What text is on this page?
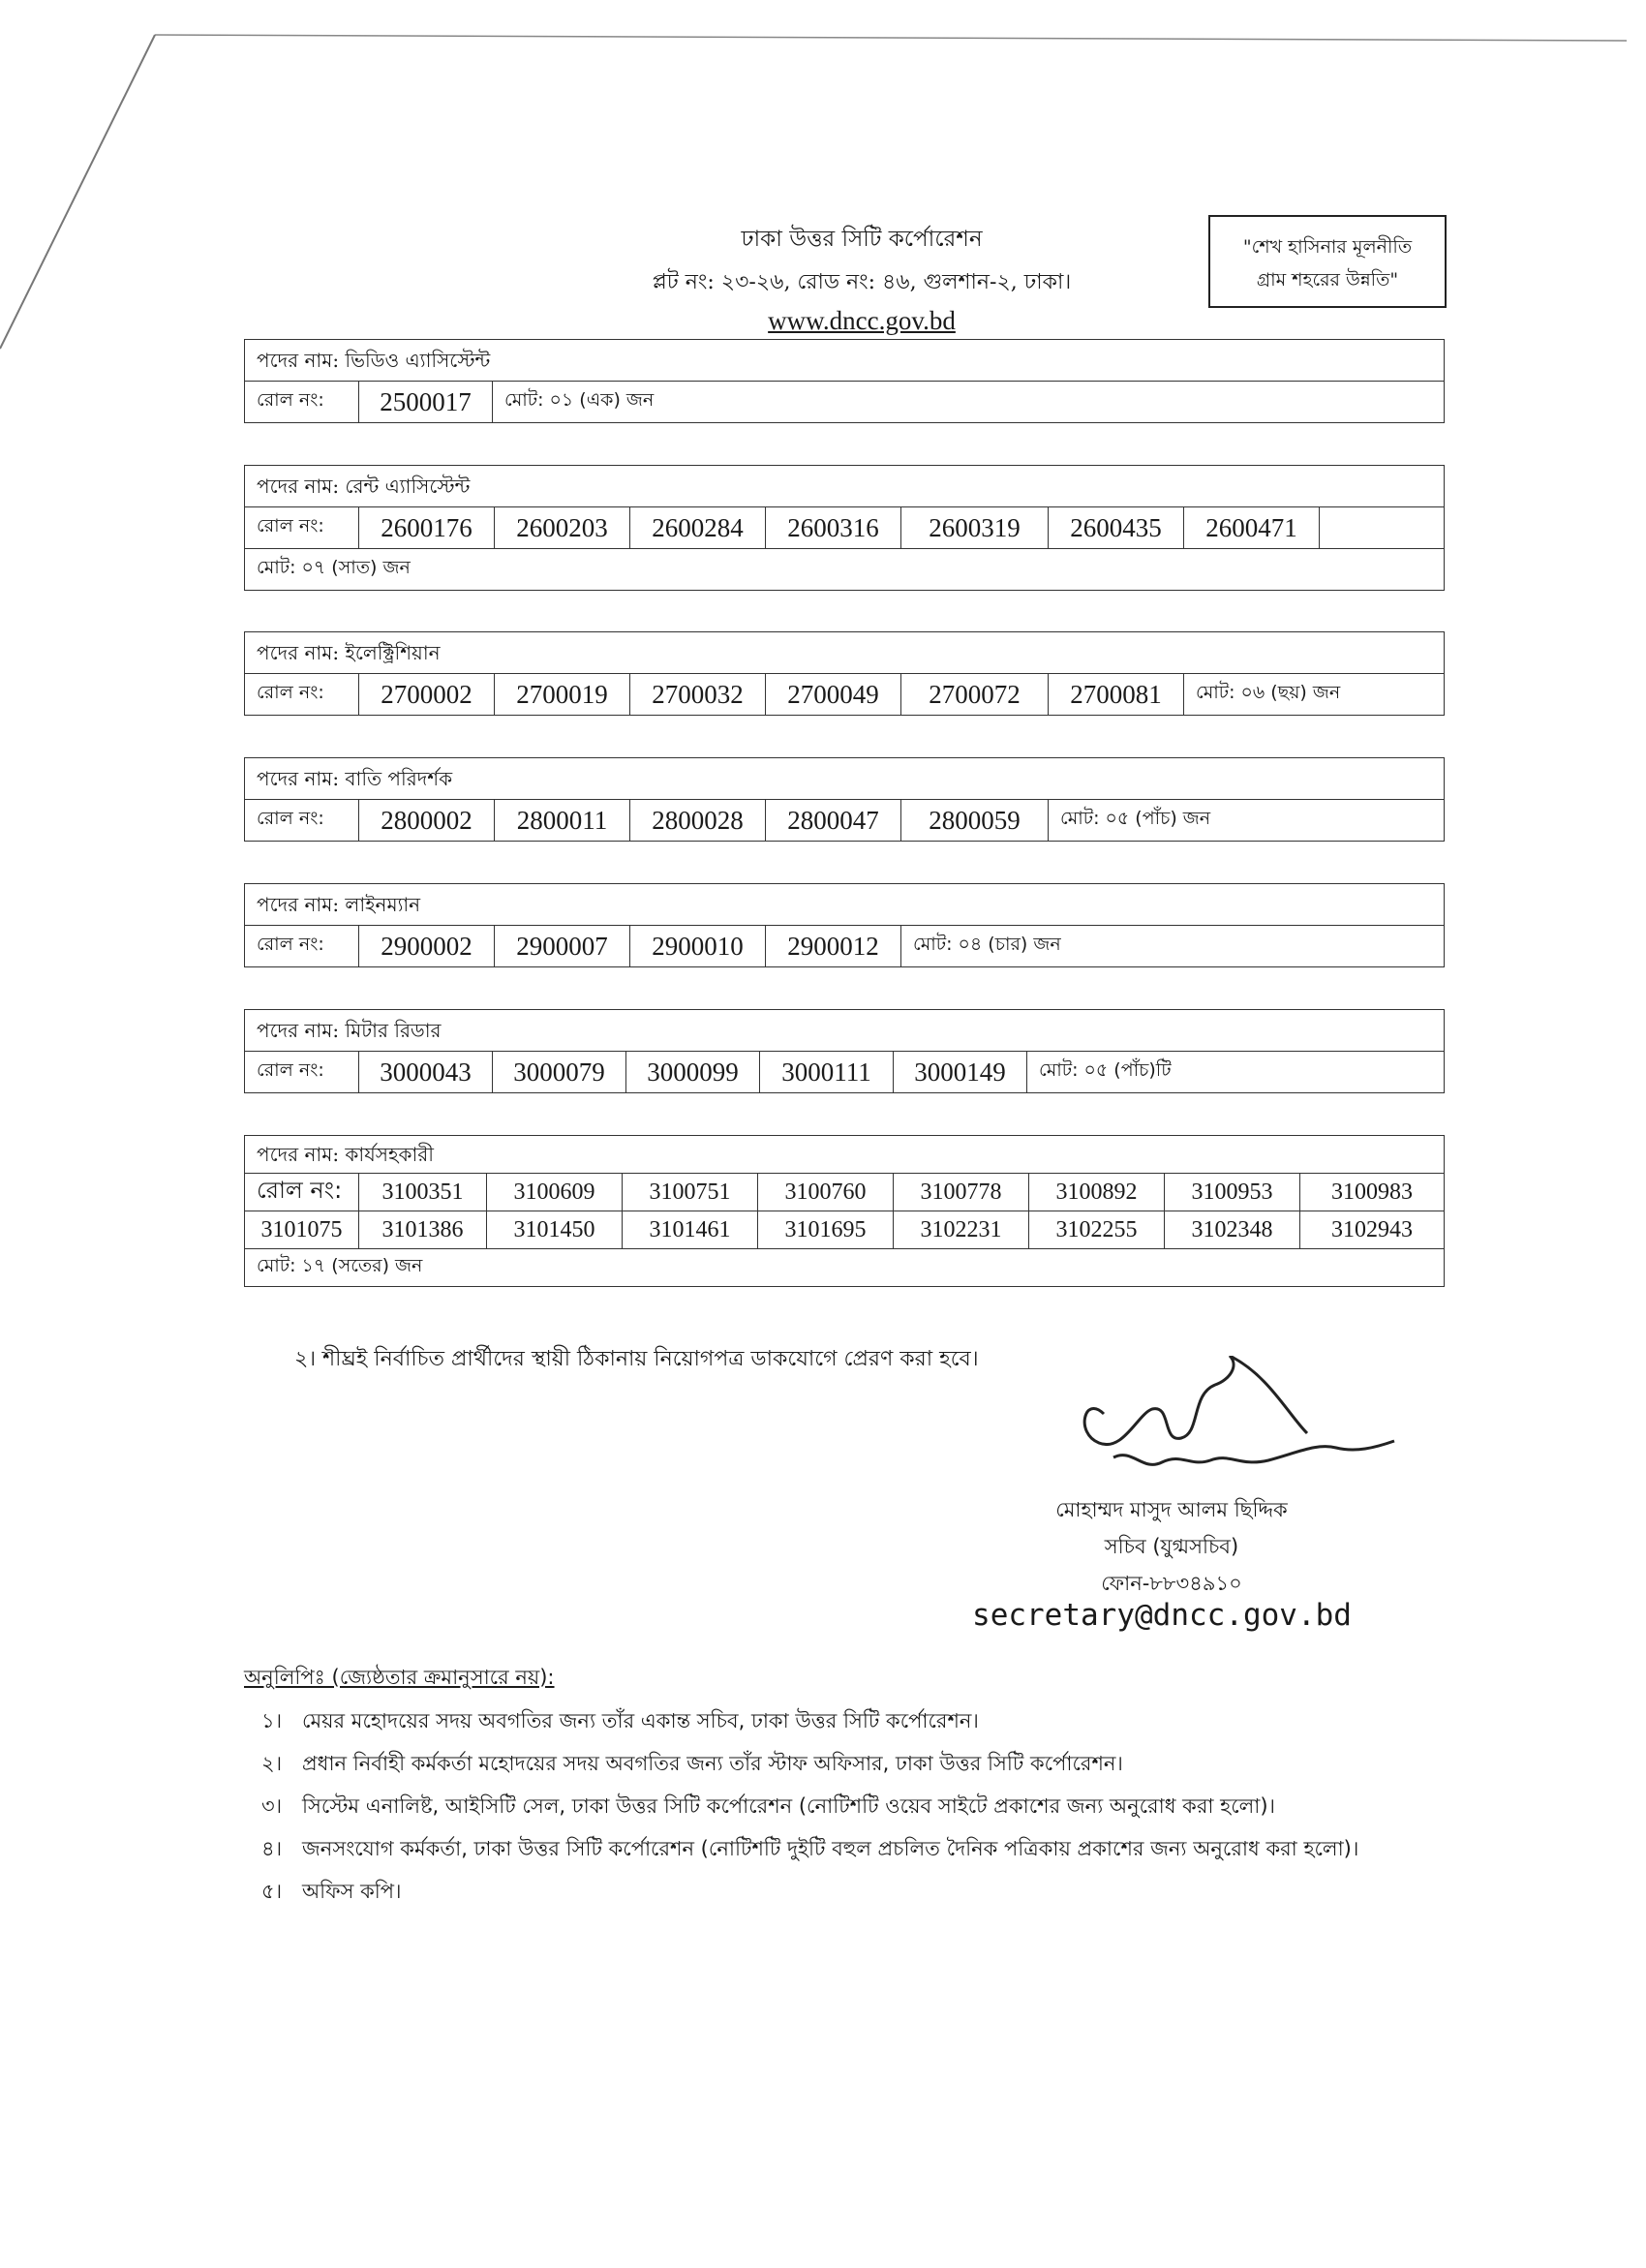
ঢাকা উত্তর সিটি কর্পোরেশন
প্লট নং: ২৩-২৬, রোড নং: ৪৬, গুলশান-২, ঢাকা।
www.dncc.gov.bd
"শেখ হাসিনার মূলনীতি
গ্রাম শহরের উন্নতি"
পদের নাম: ভিডিও এ্যাসিস্টেন্ট
রোল নং:	2500017	মোট: ০১ (এক) জন
পদের নাম: রেন্ট এ্যাসিস্টেন্ট
রোল নং:	2600176	2600203	2600284	2600316	2600319	2600435	2600471
মোট: ০৭ (সাত) জন
পদের নাম: ইলেক্ট্রিশিয়ান
রোল নং:	2700002	2700019	2700032	2700049	2700072	2700081	মোট: ০৬ (ছয়) জন
পদের নাম: বাতি পরিদর্শক
রোল নং:	2800002	2800011	2800028	2800047	2800059	মোট: ০৫ (পাঁচ) জন
পদের নাম: লাইনম্যান
রোল নং:	2900002	2900007	2900010	2900012	মোট: ০৪ (চার) জন
পদের নাম: মিটার রিডার
রোল নং:	3000043	3000079	3000099	3000111	3000149	মোট: ০৫ (পাঁচ)টি
পদের নাম: কার্যসহকারী
রোল নং:	3100351	3100609	3100751	3100760	3100778	3100892	3100953	3100983
3101075	3101386	3101450	3101461	3101695	3102231	3102255	3102348	3102943
মোট: ১৭ (সতের) জন
২। শীঘ্রই নির্বাচিত প্রার্থীদের স্থায়ী ঠিকানায় নিয়োগপত্র ডাকযোগে প্রেরণ করা হবে।
মোহাম্মদ মাসুদ আলম ছিদ্দিক
সচিব (যুগ্মসচিব)
ফোন-৮৮৩৪৯১০
secretary@dncc.gov.bd
অনুলিপিঃ (জ্যেষ্ঠতার ক্রমানুসারে নয়):
১। মেয়র মহোদয়ের সদয় অবগতির জন্য তাঁর একান্ত সচিব, ঢাকা উত্তর সিটি কর্পোরেশন।
২। প্রধান নির্বাহী কর্মকর্তা মহোদয়ের সদয় অবগতির জন্য তাঁর স্টাফ অফিসার, ঢাকা উত্তর সিটি কর্পোরেশন।
৩। সিস্টেম এনালিষ্ট, আইসিটি সেল, ঢাকা উত্তর সিটি কর্পোরেশন (নোটিশটি ওয়েব সাইটে প্রকাশের জন্য অনুরোধ করা হলো)।
৪। জনসংযোগ কর্মকর্তা, ঢাকা উত্তর সিটি কর্পোরেশন (নোটিশটি দুইটি বহুল প্রচলিত দৈনিক পত্রিকায় প্রকাশের জন্য অনুরোধ করা হলো)।
৫। অফিস কপি।
